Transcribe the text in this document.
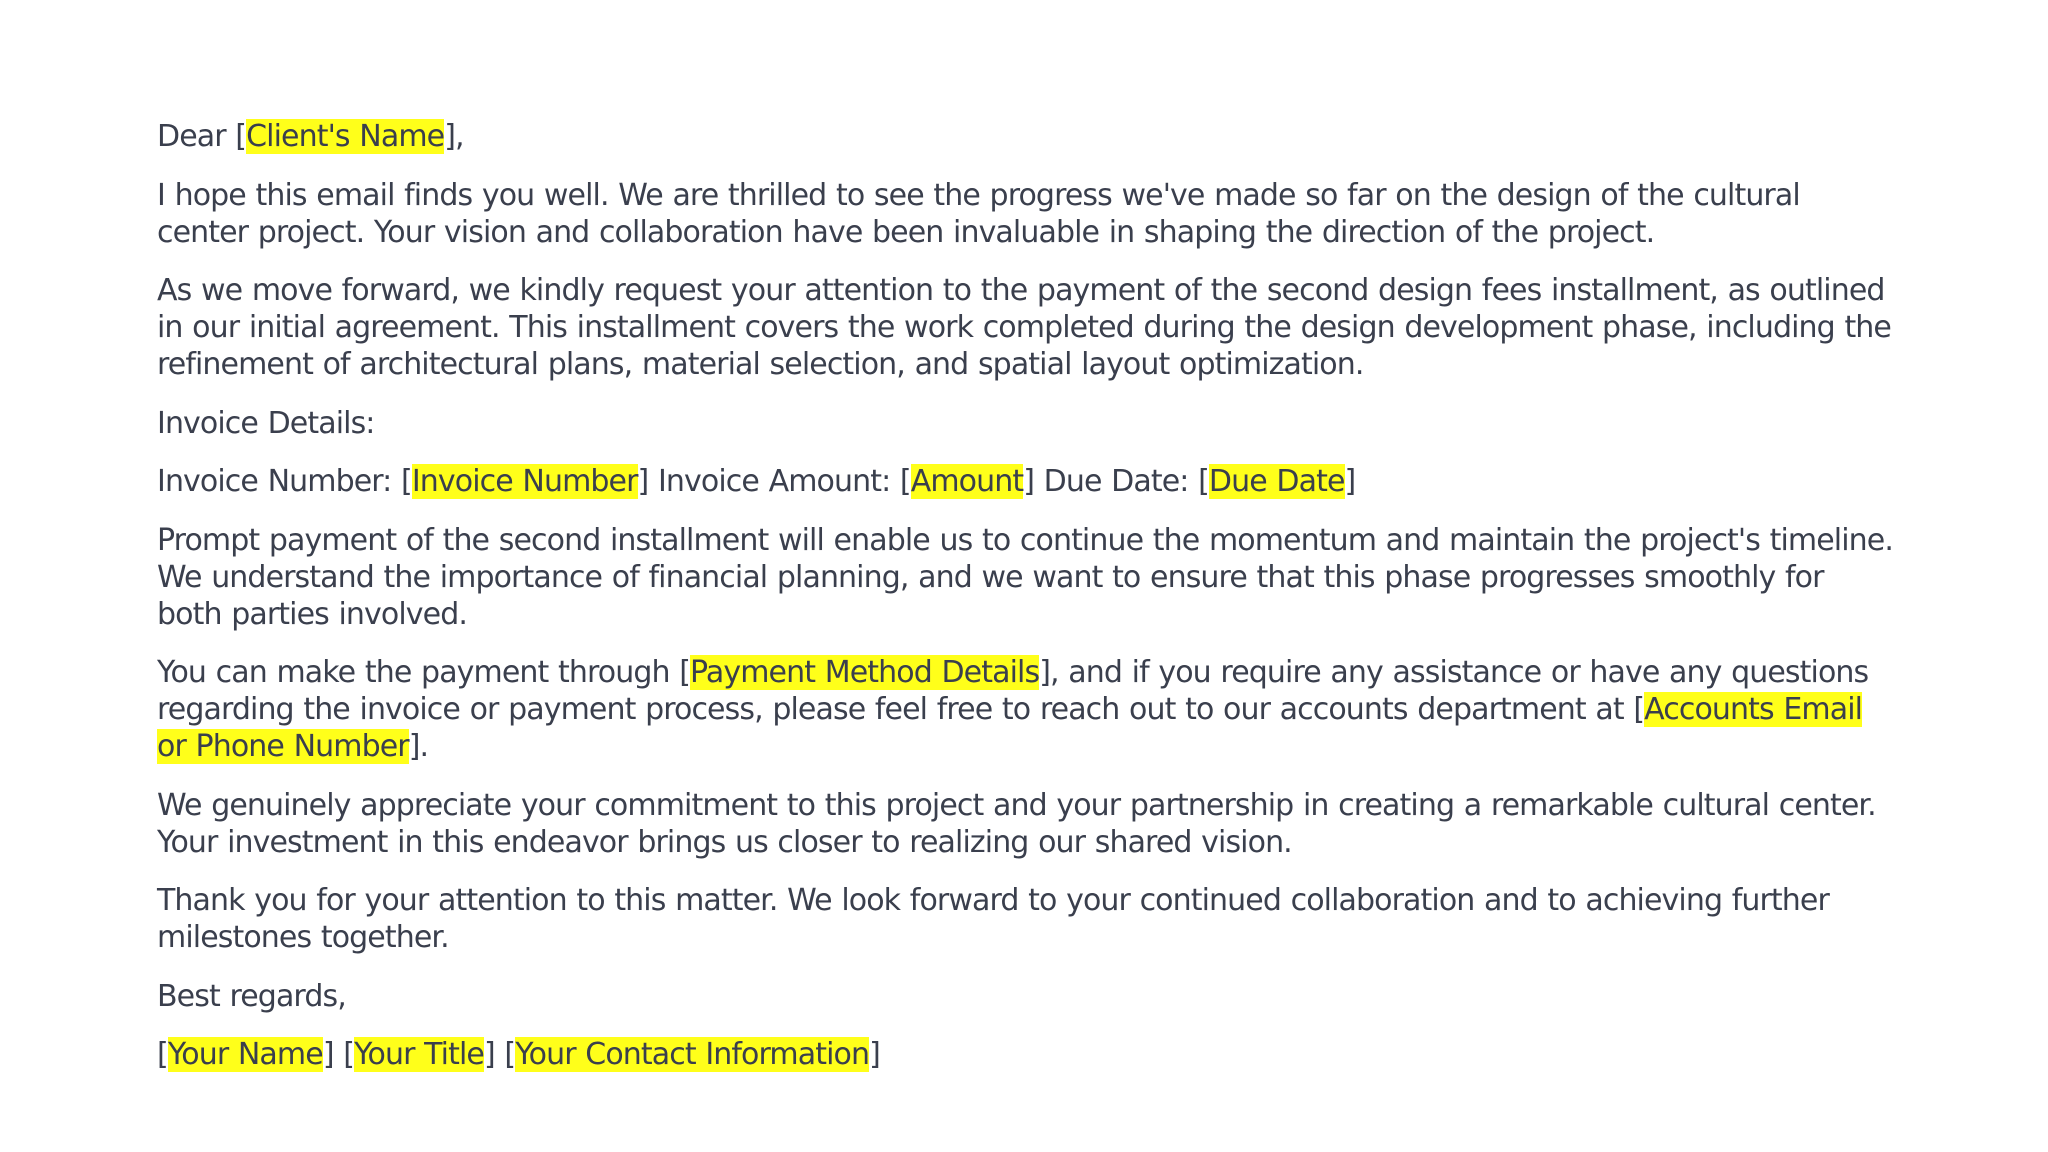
Dear [Client's Name],

I hope this email finds you well. We are thrilled to see the progress we've made so far on the design of the cultural center project. Your vision and collaboration have been invaluable in shaping the direction of the project.

As we move forward, we kindly request your attention to the payment of the second design fees installment, as outlined in our initial agreement. This installment covers the work completed during the design development phase, including the refinement of architectural plans, material selection, and spatial layout optimization.

Invoice Details:

Invoice Number: [Invoice Number] Invoice Amount: [Amount] Due Date: [Due Date]

Prompt payment of the second installment will enable us to continue the momentum and maintain the project's timeline. We understand the importance of financial planning, and we want to ensure that this phase progresses smoothly for both parties involved.

You can make the payment through [Payment Method Details], and if you require any assistance or have any questions regarding the invoice or payment process, please feel free to reach out to our accounts department at [Accounts Email or Phone Number].

We genuinely appreciate your commitment to this project and your partnership in creating a remarkable cultural center. Your investment in this endeavor brings us closer to realizing our shared vision.

Thank you for your attention to this matter. We look forward to your continued collaboration and to achieving further milestones together.

Best regards,

[Your Name] [Your Title] [Your Contact Information]
